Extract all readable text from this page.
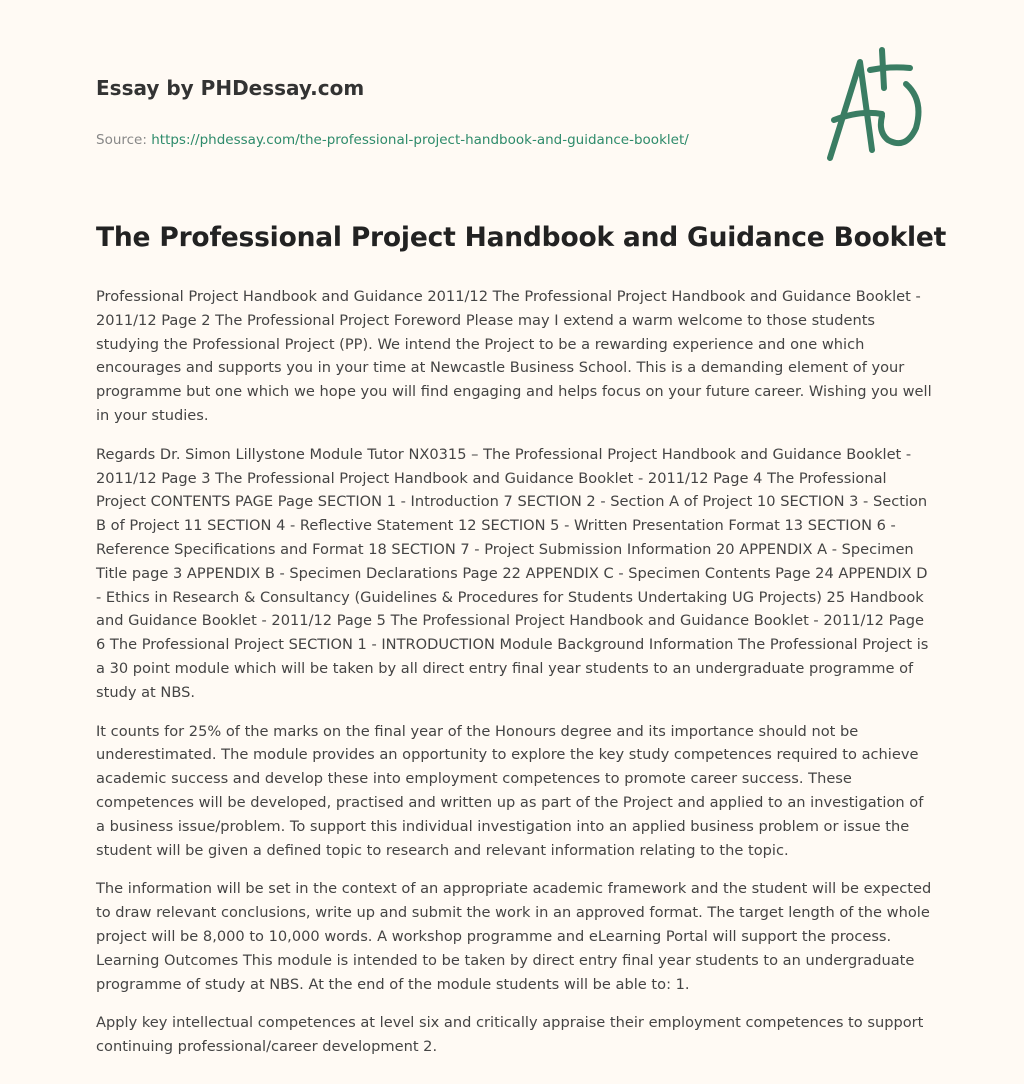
Essay by PHDessay.com

Source: https://phdessay.com/the-professional-project-handbook-and-guidance-booklet/
The Professional Project Handbook and Guidance Booklet

Professional Project Handbook and Guidance 2011/12 The Professional Project Handbook and Guidance Booklet - 2011/12 Page 2 The Professional Project Foreword Please may I extend a warm welcome to those students studying the Professional Project (PP). We intend the Project to be a rewarding experience and one which encourages and supports you in your time at Newcastle Business School. This is a demanding element of your programme but one which we hope you will find engaging and helps focus on your future career. Wishing you well in your studies.

Regards Dr. Simon Lillystone Module Tutor NX0315 – The Professional Project Handbook and Guidance Booklet - 2011/12 Page 3 The Professional Project Handbook and Guidance Booklet - 2011/12 Page 4 The Professional Project CONTENTS PAGE Page SECTION 1 - Introduction 7 SECTION 2 - Section A of Project 10 SECTION 3 - Section B of Project 11 SECTION 4 - Reflective Statement 12 SECTION 5 - Written Presentation Format 13 SECTION 6 - Reference Specifications and Format 18 SECTION 7 - Project Submission Information 20 APPENDIX A - Specimen Title page 3 APPENDIX B - Specimen Declarations Page 22 APPENDIX C - Specimen Contents Page 24 APPENDIX D - Ethics in Research & Consultancy (Guidelines & Procedures for Students Undertaking UG Projects) 25 Handbook and Guidance Booklet - 2011/12 Page 5 The Professional Project Handbook and Guidance Booklet - 2011/12 Page 6 The Professional Project SECTION 1 - INTRODUCTION Module Background Information The Professional Project is a 30 point module which will be taken by all direct entry final year students to an undergraduate programme of study at NBS.

It counts for 25% of the marks on the final year of the Honours degree and its importance should not be underestimated. The module provides an opportunity to explore the key study competences required to achieve academic success and develop these into employment competences to promote career success. These competences will be developed, practised and written up as part of the Project and applied to an investigation of a business issue/problem. To support this individual investigation into an applied business problem or issue the student will be given a defined topic to research and relevant information relating to the topic.

The information will be set in the context of an appropriate academic framework and the student will be expected to draw relevant conclusions, write up and submit the work in an approved format. The target length of the whole project will be 8,000 to 10,000 words. A workshop programme and eLearning Portal will support the process. Learning Outcomes This module is intended to be taken by direct entry final year students to an undergraduate programme of study at NBS. At the end of the module students will be able to: 1.

Apply key intellectual competences at level six and critically appraise their employment competences to support continuing professional/career development 2.
